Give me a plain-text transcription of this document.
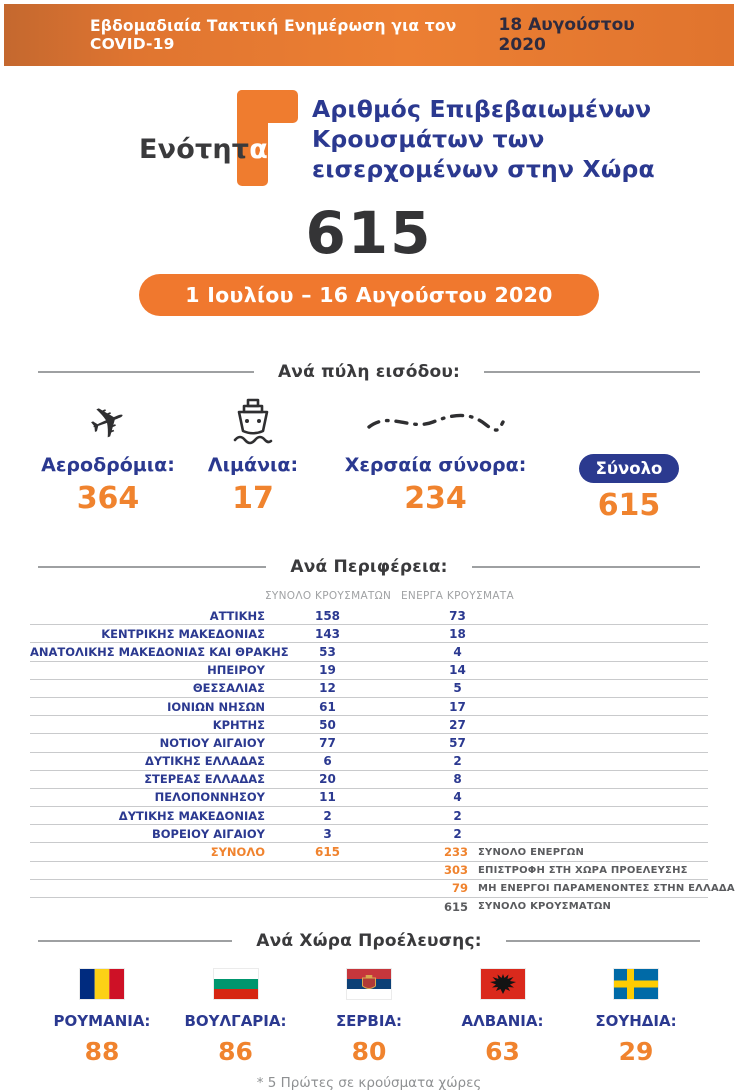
Εβδομαδιαία Τακτική Ενημέρωση για τον COVID-19
18 Αυγούστου 2020
Ενότητα
Αριθμός Επιβεβαιωμένων
Κρουσμάτων των
εισερχομένων στην Χώρα
615
1 Ιουλίου – 16 Αυγούστου 2020
Ανά πύλη εισόδου:
✈
Αεροδρόμια:
364
Λιμάνια:
17
Χερσαία σύνορα:
234
Σύνολο
615
Ανά Περιφέρεια:
ΣΥΝΟΛΟ ΚΡΟΥΣΜΑΤΩΝ ΕΝΕΡΓΑ ΚΡΟΥΣΜΑΤΑ
ΑΤΤΙΚΗΣ	158	73
ΚΕΝΤΡΙΚΗΣ ΜΑΚΕΔΟΝΙΑΣ	143	18
ΑΝΑΤΟΛΙΚΗΣ ΜΑΚΕΔΟΝΙΑΣ ΚΑΙ ΘΡΑΚΗΣ	53	4
ΗΠΕΙΡΟΥ	19	14
ΘΕΣΣΑΛΙΑΣ	12	5
ΙΟΝΙΩΝ ΝΗΣΩΝ	61	17
ΚΡΗΤΗΣ	50	27
ΝΟΤΙΟΥ ΑΙΓΑΙΟΥ	77	57
ΔΥΤΙΚΗΣ ΕΛΛΑΔΑΣ	6	2
ΣΤΕΡΕΑΣ ΕΛΛΑΔΑΣ	20	8
ΠΕΛΟΠΟΝΝΗΣΟΥ	11	4
ΔΥΤΙΚΗΣ ΜΑΚΕΔΟΝΙΑΣ	2	2
ΒΟΡΕΙΟΥ ΑΙΓΑΙΟΥ	3	2
ΣΥΝΟΛΟ	615	233	ΣΥΝΟΛΟ ΕΝΕΡΓΩΝ
303	ΕΠΙΣΤΡΟΦΗ ΣΤΗ ΧΩΡΑ ΠΡΟΕΛΕΥΣΗΣ
79	ΜΗ ΕΝΕΡΓΟΙ ΠΑΡΑΜΕΝΟΝΤΕΣ ΣΤΗΝ ΕΛΛΑΔΑ
615	ΣΥΝΟΛΟ ΚΡΟΥΣΜΑΤΩΝ
Ανά Χώρα Προέλευσης:
ΡΟΥΜΑΝΙΑ:
88
ΒΟΥΛΓΑΡΙΑ:
86
ΣΕΡΒΙΑ:
80
ΑΛΒΑΝΙΑ:
63
ΣΟΥΗΔΙΑ:
29
* 5 Πρώτες σε κρούσματα χώρες
